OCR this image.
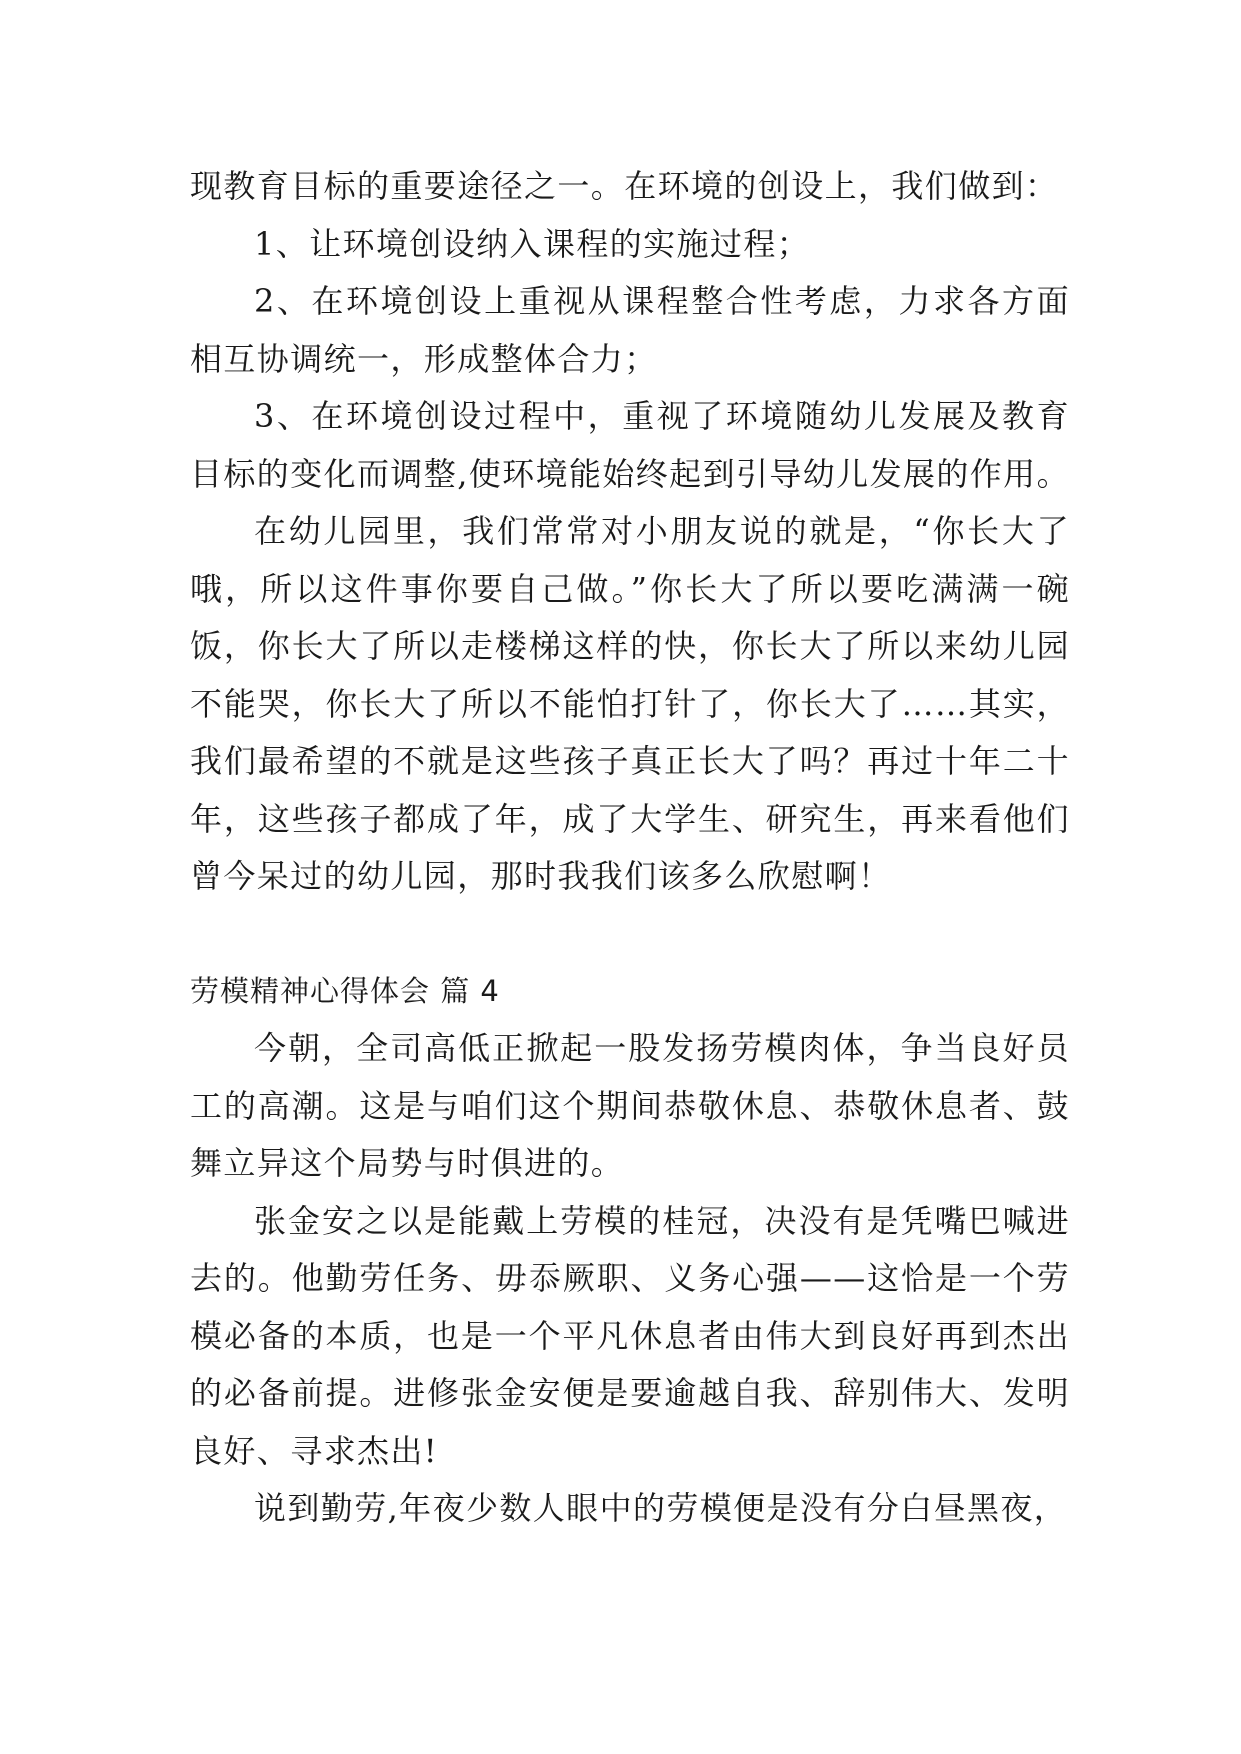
现教育目标的重要途径之一。在环境的创设上，我们做到：

1、让环境创设纳入课程的实施过程；

2、在环境创设上重视从课程整合性考虑，力求各方面相互协调统一，形成整体合力；

3、在环境创设过程中，重视了环境随幼儿发展及教育目标的变化而调整,使环境能始终起到引导幼儿发展的作用。

在幼儿园里，我们常常对小朋友说的就是，“你长大了哦，所以这件事你要自己做。”你长大了所以要吃满满一碗饭，你长大了所以走楼梯这样的快，你长大了所以来幼儿园不能哭，你长大了所以不能怕打针了，你长大了……其实，我们最希望的不就是这些孩子真正长大了吗？再过十年二十年，这些孩子都成了年，成了大学生、研究生，再来看他们曾今呆过的幼儿园，那时我我们该多么欣慰啊！

劳模精神心得体会 篇 4

今朝，全司高低正掀起一股发扬劳模肉体，争当良好员工的高潮。这是与咱们这个期间恭敬休息、恭敬休息者、鼓舞立异这个局势与时俱进的。

张金安之以是能戴上劳模的桂冠，决没有是凭嘴巴喊进去的。他勤劳任务、毋忝厥职、义务心强——这恰是一个劳模必备的本质，也是一个平凡休息者由伟大到良好再到杰出的必备前提。进修张金安便是要逾越自我、辞别伟大、发明良好、寻求杰出!

说到勤劳,年夜少数人眼中的劳模便是没有分白昼黑夜，
